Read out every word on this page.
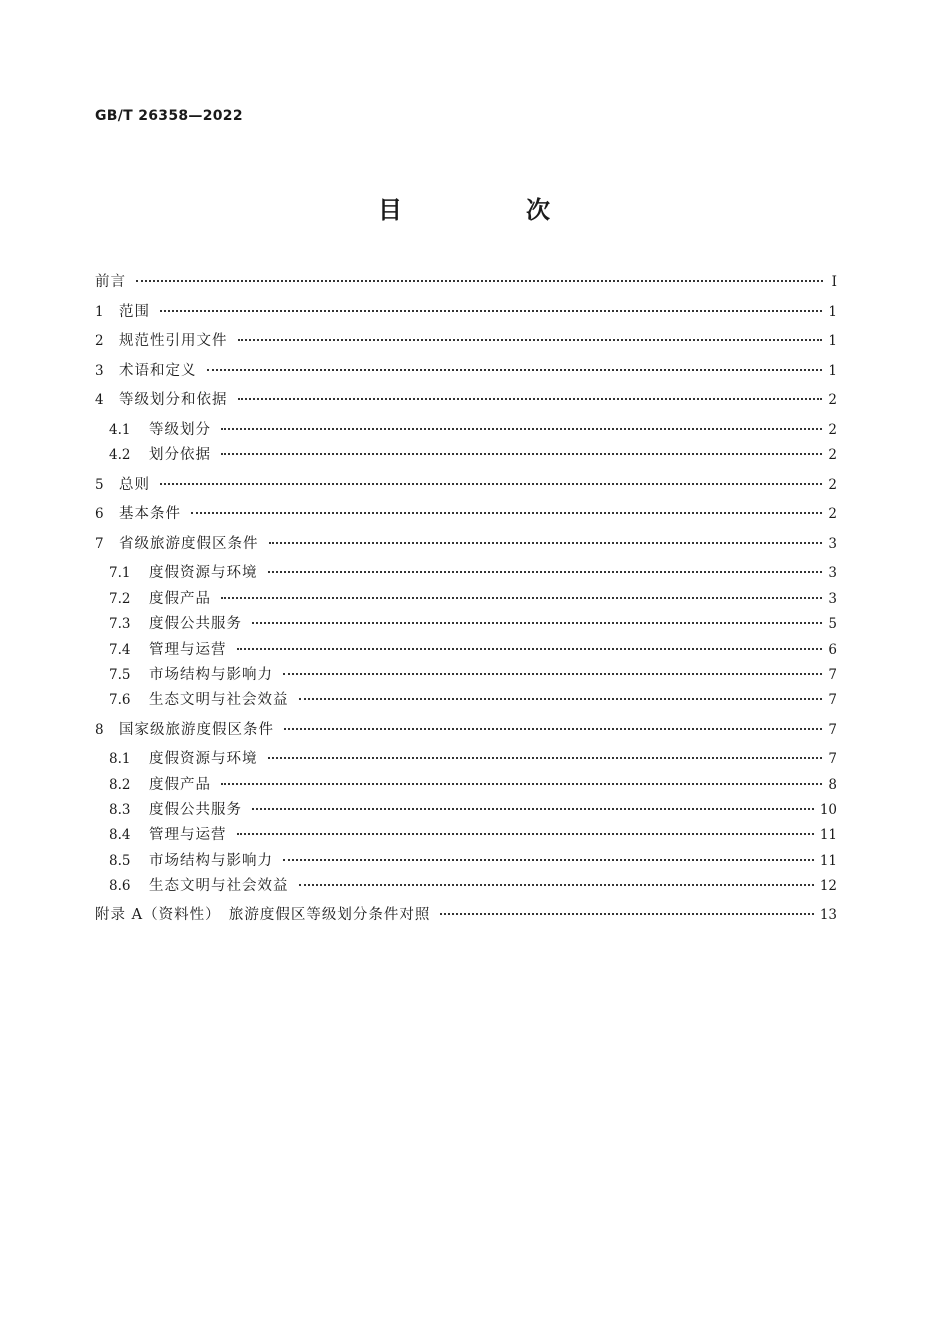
GB/T 26358—2022
目　次
前言	Ⅰ
1	范围	1
2	规范性引用文件	1
3	术语和定义	1
4	等级划分和依据	2
4.1	等级划分	2
4.2	划分依据	2
5	总则	2
6	基本条件	2
7	省级旅游度假区条件	3
7.1	度假资源与环境	3
7.2	度假产品	3
7.3	度假公共服务	5
7.4	管理与运营	6
7.5	市场结构与影响力	7
7.6	生态文明与社会效益	7
8	国家级旅游度假区条件	7
8.1	度假资源与环境	7
8.2	度假产品	8
8.3	度假公共服务	10
8.4	管理与运营	11
8.5	市场结构与影响力	11
8.6	生态文明与社会效益	12
附录 A（资料性）　旅游度假区等级划分条件对照	13
